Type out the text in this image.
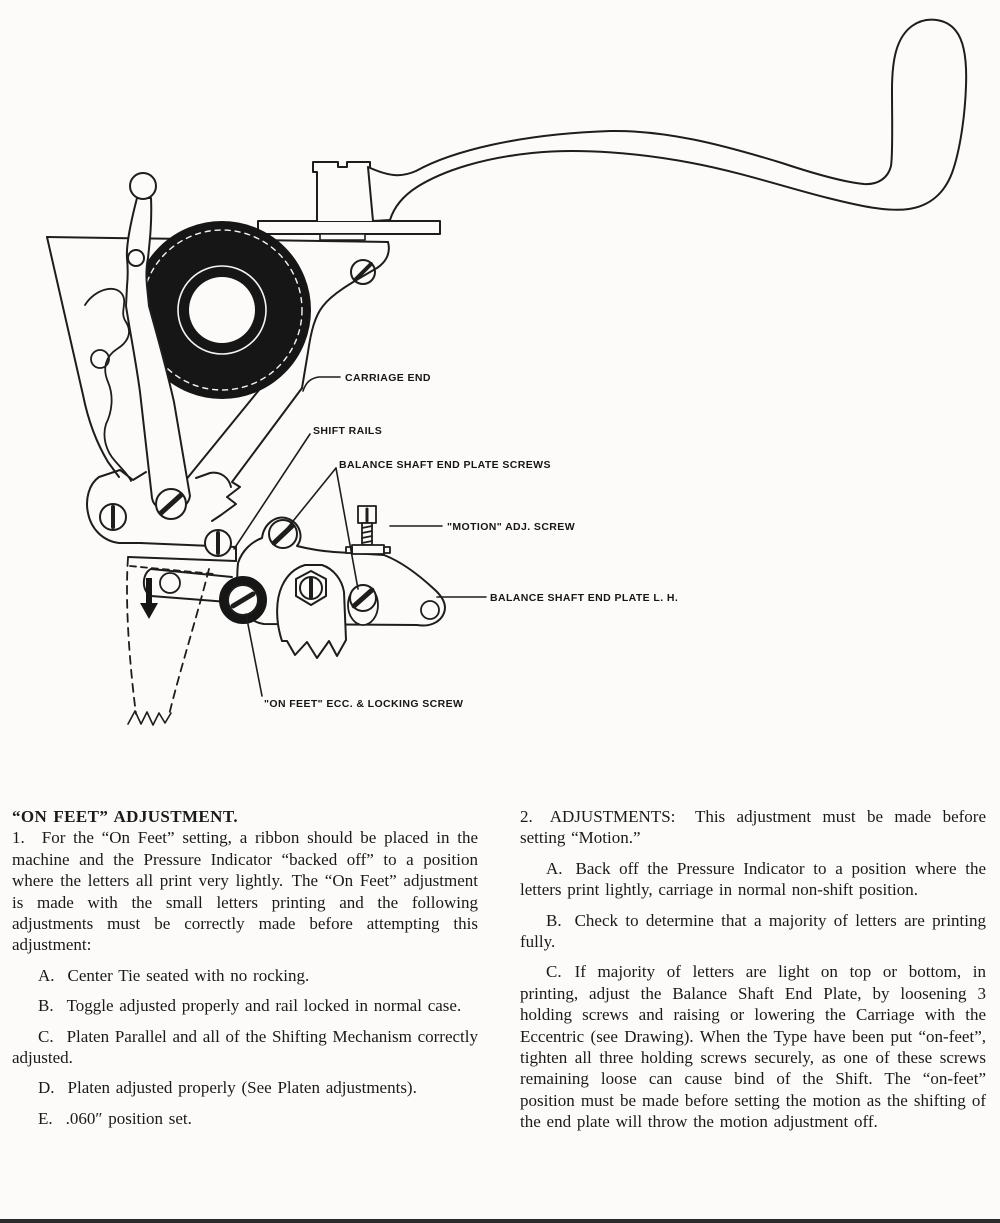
CARRIAGE END
SHIFT RAILS
BALANCE SHAFT END PLATE SCREWS
"MOTION" ADJ. SCREW
BALANCE SHAFT END PLATE L. H.
"ON FEET" ECC. & LOCKING SCREW

“ON FEET” ADJUSTMENT.

1.  For the “On Feet” setting, a ribbon should be placed in the machine and the Pressure Indicator “backed off” to a position where the letters all print very lightly. The “On Feet” adjustment is made with the small letters printing and the following adjustments must be correctly made before attempting this adjustment:

A. Center Tie seated with no rocking.

B. Toggle adjusted properly and rail locked in normal case.

C. Platen Parallel and all of the Shifting Mechanism correctly adjusted.

D. Platen adjusted properly (See Platen adjustments).

E. .060″ position set.

2.  ADJUSTMENTS:  This adjustment must be made before setting “Motion.”

A. Back off the Pressure Indicator to a position where the letters print lightly, carriage in normal non-shift position.

B. Check to determine that a majority of letters are printing fully.

C. If majority of letters are light on top or bottom, in printing, adjust the Balance Shaft End Plate, by loosening 3 holding screws and raising or lowering the Carriage with the Eccentric (see Drawing). When the Type have been put “on-feet”, tighten all three holding screws securely, as one of these screws remaining loose can cause bind of the Shift. The “on-feet” position must be made before setting the motion as the shifting of the end plate will throw the motion adjustment off.
